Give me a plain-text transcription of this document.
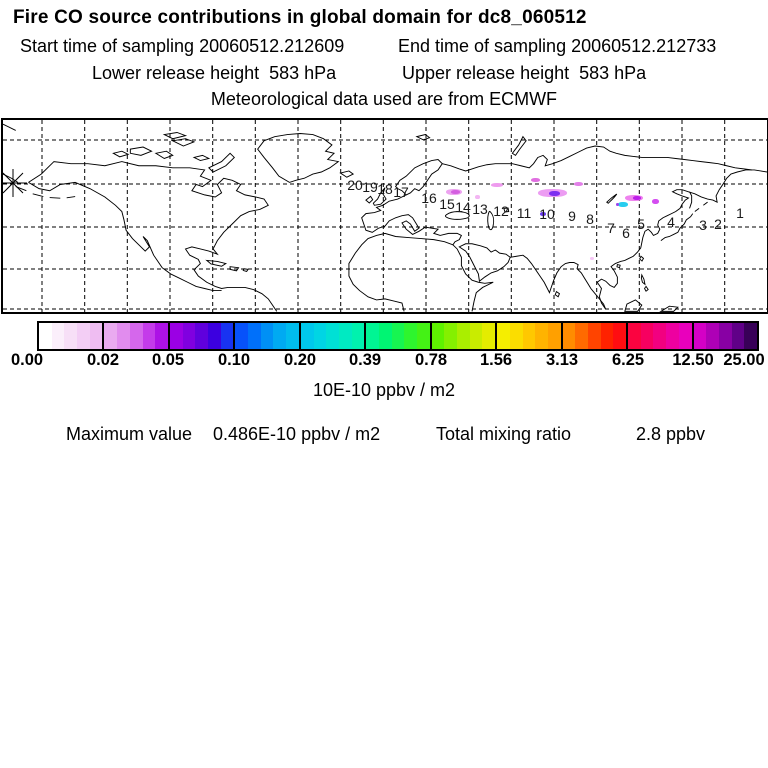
Fire CO source contributions in global domain for dc8_060512
Start time of sampling 20060512.212609	End time of sampling 20060512.212733
Lower release height  583 hPa	Upper release height  583 hPa
Meteorological data used are from ECMWF
20 19 18 17 16 15 14 13 12 11 10 9 8
7 6
5 4 3 2
1
0.00	0.02 0.05 0.10 0.20 0.39 0.78 1.56 3.13 6.25 12.50 25.00
10E-10 ppbv / m2
Maximum value 0.486E-10 ppbv / m2	Total mixing ratio	2.8 ppbv
